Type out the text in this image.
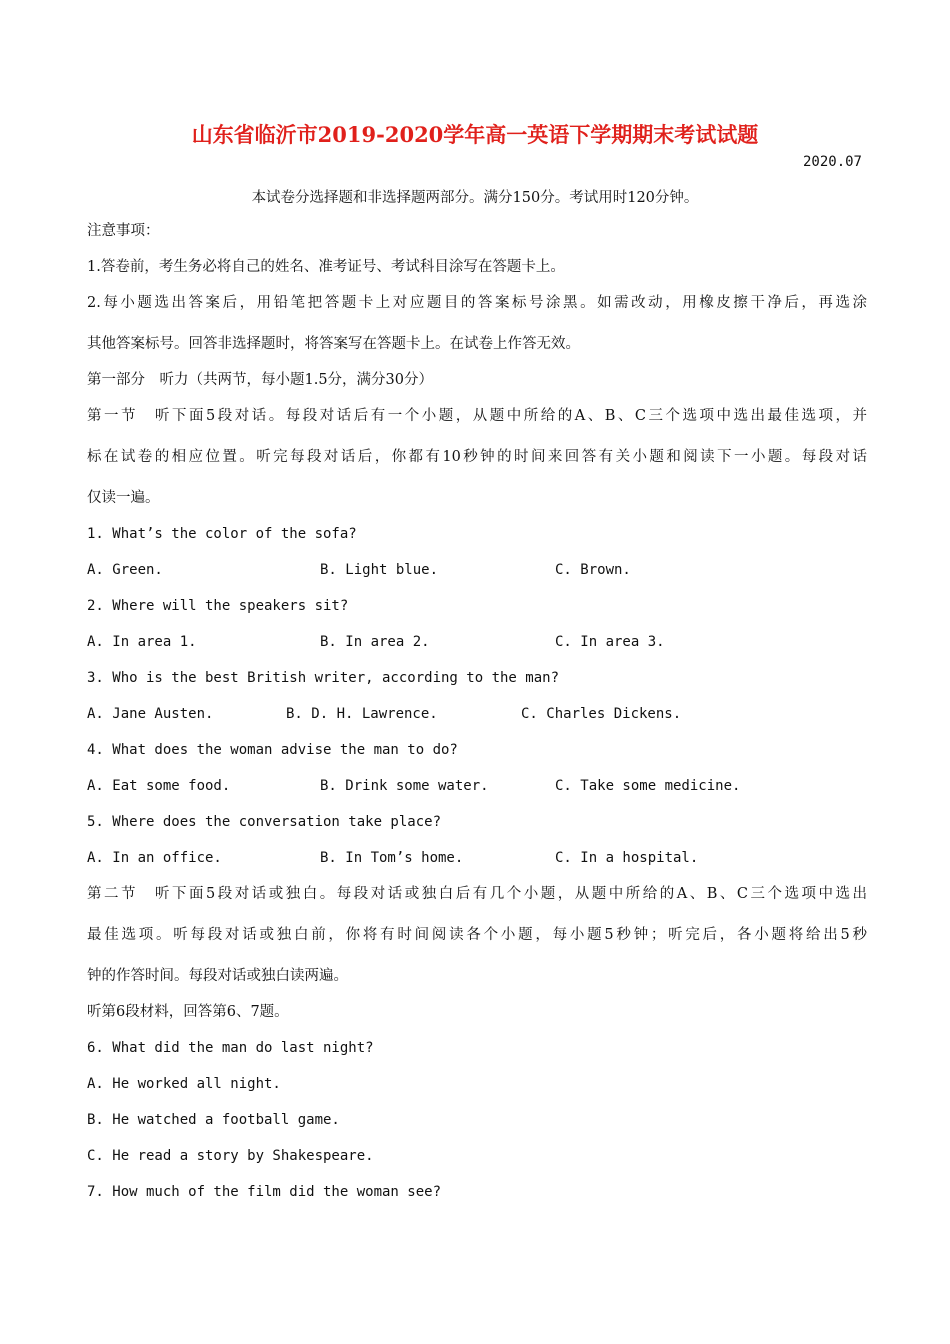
山东省临沂市2019-2020学年高一英语下学期期末考试试题
2020.07
本试卷分选择题和非选择题两部分。满分150分。考试用时120分钟。
注意事项：
1.答卷前，考生务必将自己的姓名、准考证号、考试科目涂写在答题卡上。
2.每小题选出答案后，用铅笔把答题卡上对应题目的答案标号涂黑。如需改动，用橡皮擦干净后，再选涂
其他答案标号。回答非选择题时，将答案写在答题卡上。在试卷上作答无效。
第一部分　听力（共两节，每小题1.5分，满分30分）
第一节　听下面5段对话。每段对话后有一个小题，从题中所给的A、B、C三个选项中选出最佳选项，并
标在试卷的相应位置。听完每段对话后，你都有10秒钟的时间来回答有关小题和阅读下一小题。每段对话
仅读一遍。
1. What’s the color of the sofa?
A. Green.	B. Light blue.	C. Brown.
2. Where will the speakers sit?
A. In area 1.	B. In area 2.	C. In area 3.
3. Who is the best British writer, according to the man?
A. Jane Austen.	B. D. H. Lawrence.	C. Charles Dickens.
4. What does the woman advise the man to do?
A. Eat some food.	B. Drink some water.	C. Take some medicine.
5. Where does the conversation take place?
A. In an office.	B. In Tom’s home.	C. In a hospital.
第二节　听下面5段对话或独白。每段对话或独白后有几个小题，从题中所给的A、B、C三个选项中选出
最佳选项。听每段对话或独白前，你将有时间阅读各个小题，每小题5秒钟；听完后，各小题将给出5秒
钟的作答时间。每段对话或独白读两遍。
听第6段材料，回答第6、7题。
6. What did the man do last night?
A. He worked all night.
B. He watched a football game.
C. He read a story by Shakespeare.
7. How much of the film did the woman see?
